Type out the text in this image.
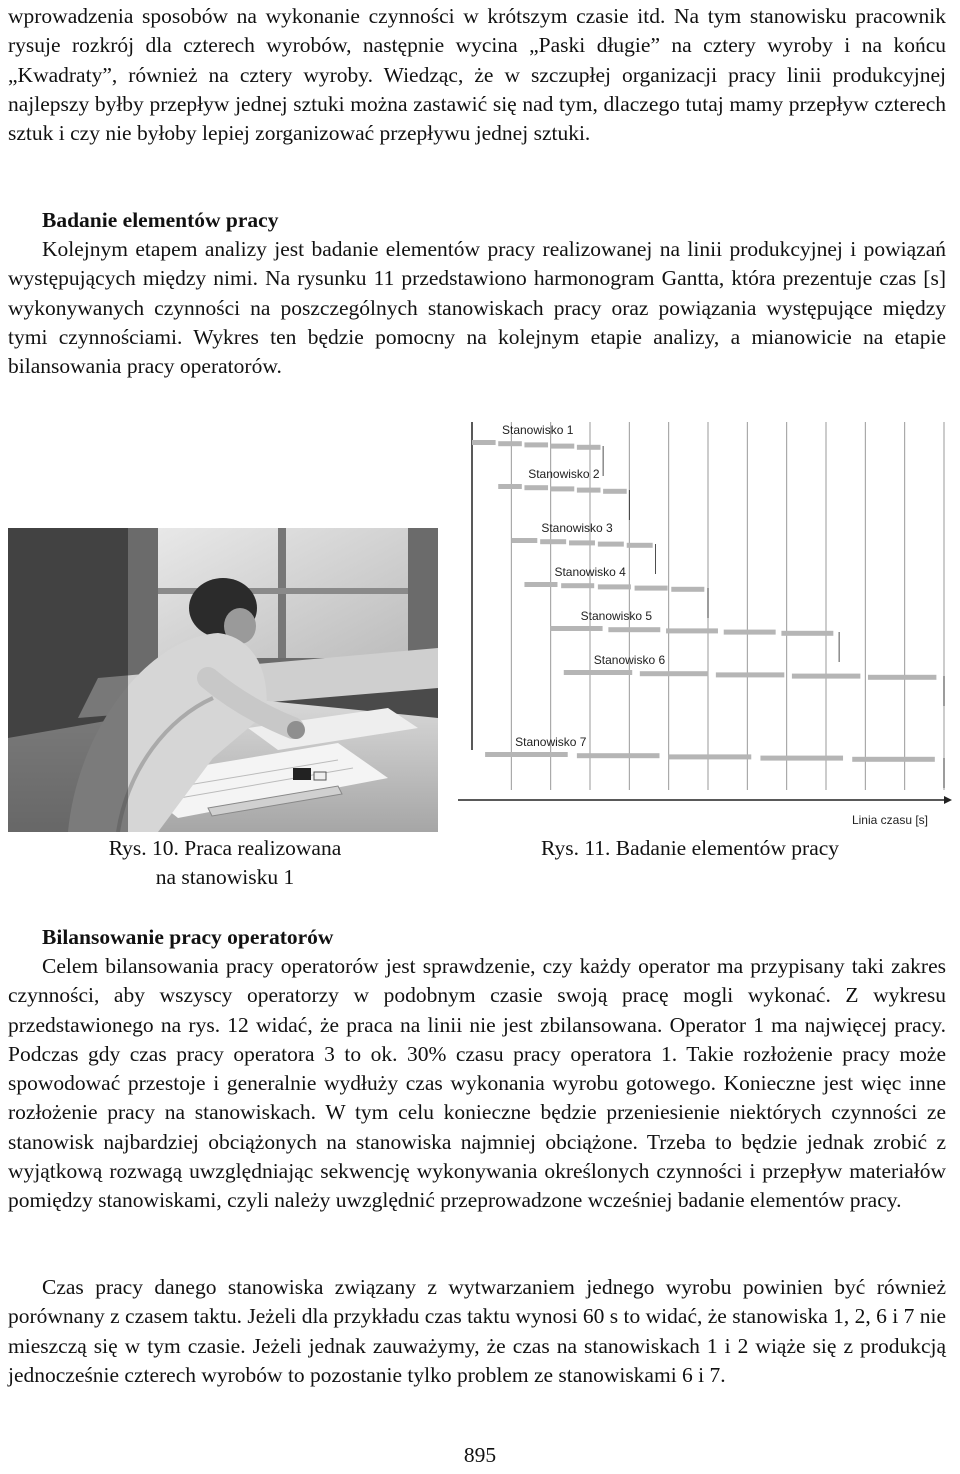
wprowadzenia sposobów na wykonanie czynności w krótszym czasie itd. Na tym stanowisku pracownik rysuje rozkrój dla czterech wyrobów, następnie wycina „Paski długie” na cztery wyroby i na końcu „Kwadraty”, również na cztery wyroby. Wiedząc, że w szczupłej organizacji pracy linii produkcyjnej najlepszy byłby przepływ jednej sztuki można zastawić się nad tym, dlaczego tutaj mamy przepływ czterech sztuk i czy nie byłoby lepiej zorganizować przepływu jednej sztuki.
Badanie elementów pracy
Kolejnym etapem analizy jest badanie elementów pracy realizowanej na linii produkcyjnej i powiązań występujących między nimi. Na rysunku 11 przedstawiono harmonogram Gantta, która prezentuje czas [s] wykonywanych czynności na poszczególnych stanowiskach pracy oraz powiązania występujące między tymi czynnościami. Wykres ten będzie pomocny na kolejnym etapie analizy, a mianowicie na etapie bilansowania pracy operatorów.
Stanowisko 1
Stanowisko 2
Stanowisko 3
Stanowisko 4
Stanowisko 5
Stanowisko 6
Stanowisko 7
Linia czasu [s]
Rys. 10. Praca realizowana
na stanowisku 1
Rys. 11. Badanie elementów pracy
Bilansowanie pracy operatorów
Celem bilansowania pracy operatorów jest sprawdzenie, czy każdy operator ma przypisany taki zakres czynności, aby wszyscy operatorzy w podobnym czasie swoją pracę mogli wykonać. Z wykresu przedstawionego na rys. 12 widać, że praca na linii nie jest zbilansowana. Operator 1 ma najwięcej pracy. Podczas gdy czas pracy operatora 3 to ok. 30% czasu pracy operatora 1. Takie rozłożenie pracy może spowodować przestoje i generalnie wydłuży czas wykonania wyrobu gotowego. Konieczne jest więc inne rozłożenie pracy na stanowiskach. W tym celu konieczne będzie przeniesienie niektórych czynności ze stanowisk najbardziej obciążonych na stanowiska najmniej obciążone. Trzeba to będzie jednak zrobić z wyjątkową rozwagą uwzględniając sekwencję wykonywania określonych czynności i przepływ materiałów pomiędzy stanowiskami, czyli należy uwzględnić przeprowadzone wcześniej badanie elementów pracy.
Czas pracy danego stanowiska związany z wytwarzaniem jednego wyrobu powinien być również porównany z czasem taktu. Jeżeli dla przykładu czas taktu wynosi 60 s to widać, że stanowiska 1, 2, 6 i 7 nie mieszczą się w tym czasie. Jeżeli jednak zauważymy, że czas na stanowiskach 1 i 2 wiąże się z produkcją jednocześnie czterech wyrobów to pozostanie tylko problem ze stanowiskami 6 i 7.
895
